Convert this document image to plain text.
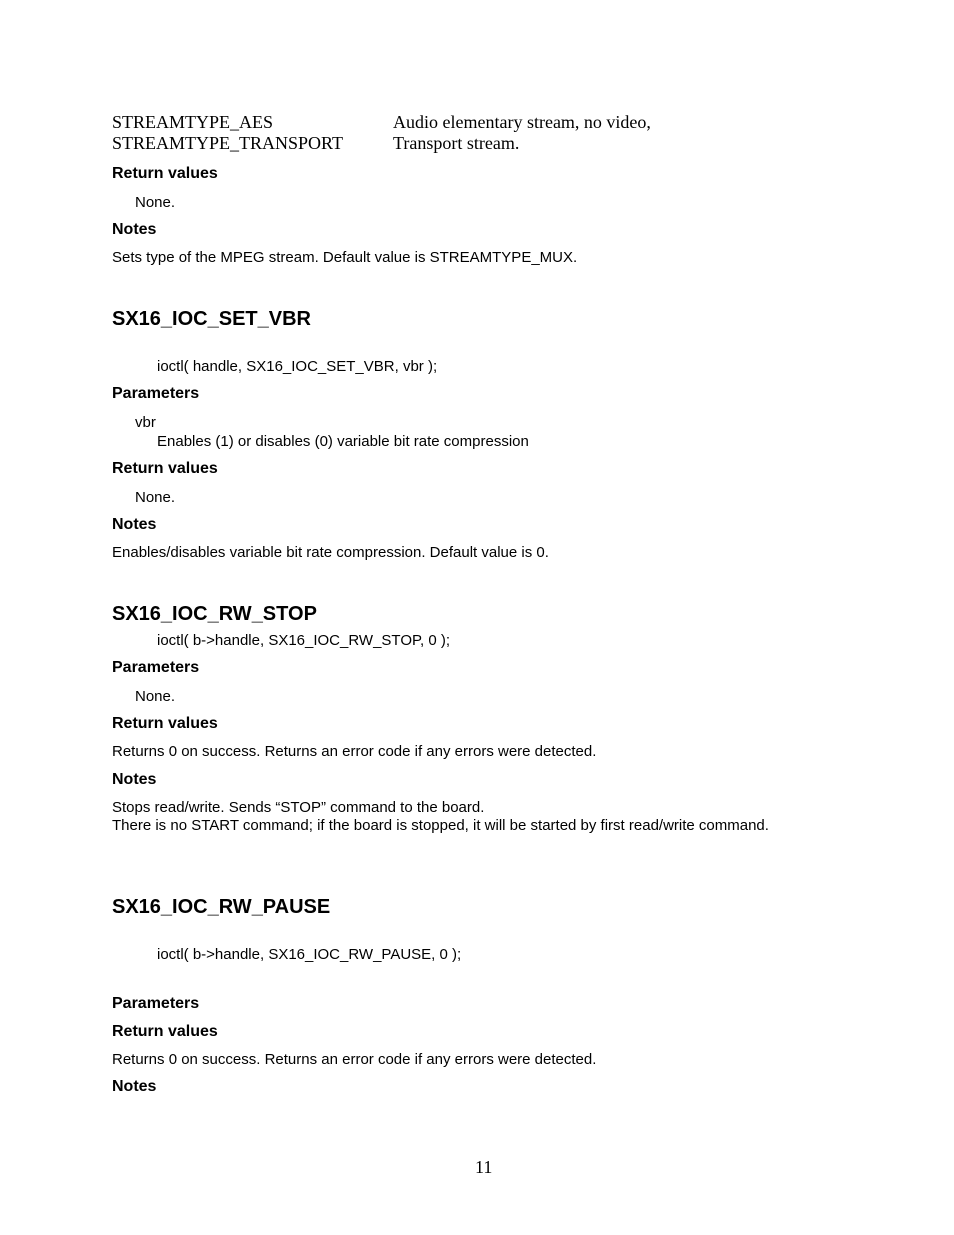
STREAMTYPE_AES	Audio elementary stream, no video,
STREAMTYPE_TRANSPORT	Transport stream.
Return values
None.
Notes
Sets type of the MPEG stream. Default value is STREAMTYPE_MUX.
SX16_IOC_SET_VBR
ioctl( handle, SX16_IOC_SET_VBR, vbr );
Parameters
vbr
Enables (1) or disables (0) variable bit rate compression
Return values
None.
Notes
Enables/disables variable bit rate compression. Default value is 0.
SX16_IOC_RW_STOP
ioctl( b->handle, SX16_IOC_RW_STOP, 0 );
Parameters
None.
Return values
Returns 0 on success. Returns an error code if any errors were detected.
Notes
Stops read/write. Sends “STOP” command to the board.
There is no START command; if the board is stopped, it will be started by first read/write command.
SX16_IOC_RW_PAUSE
ioctl( b->handle, SX16_IOC_RW_PAUSE, 0 );
Parameters
Return values
Returns 0 on success. Returns an error code if any errors were detected.
Notes
11
